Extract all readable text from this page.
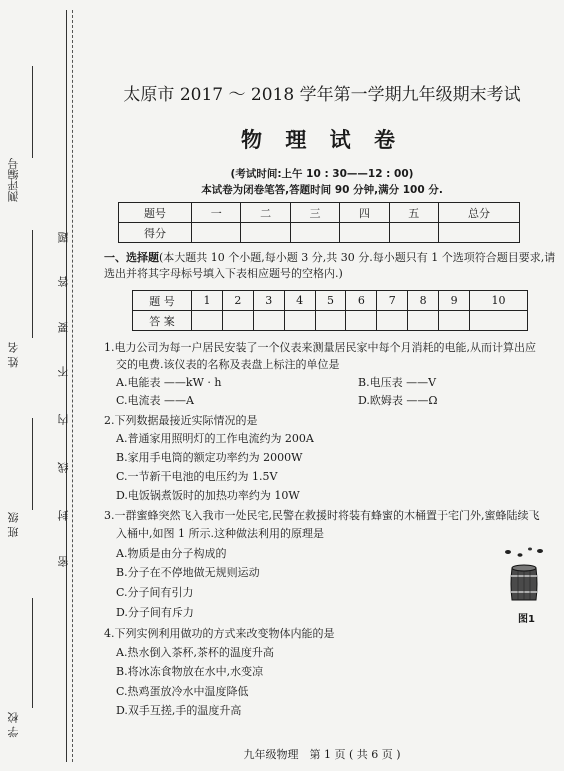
测评编号
姓 名
班 级
学 校
题
答
要
不
内
线
封
密
太原市 2017 ～ 2018 学年第一学期九年级期末考试
物 理 试 卷
(考试时间:上午 10 : 30——12 : 00)
本试卷为闭卷笔答,答题时间 90 分钟,满分 100 分.
题号	一	二	三	四	五	总分
得分						
一、选择题(本大题共 10 个小题,每小题 3 分,共 30 分.每小题只有 1 个选项符合题目要求,请
选出并将其字母标号填入下表相应题号的空格内.)
题 号	1	2	3	4	5	6	7	8	9	10
答 案										
1.电力公司为每一户居民安装了一个仪表来测量居民家中每个月消耗的电能,从而计算出应
交的电费.该仪表的名称及表盘上标注的单位是
A.电能表 ——kW · h	B.电压表 ——V
C.电流表 ——A	D.欧姆表 ——Ω
2.下列数据最接近实际情况的是
A.普通家用照明灯的工作电流约为 200A
B.家用手电筒的额定功率约为 2000W
C.一节新干电池的电压约为 1.5V
D.电饭锅煮饭时的加热功率约为 10W
3.一群蜜蜂突然飞入我市一处民宅,民警在救援时将装有蜂蜜的木桶置于宅门外,蜜蜂陆续飞
入桶中,如图 1 所示.这种做法利用的原理是
A.物质是由分子构成的
B.分子在不停地做无规则运动
C.分子间有引力
D.分子间有斥力
图1
4.下列实例利用做功的方式来改变物体内能的是
A.热水倒入茶杯,茶杯的温度升高
B.将冰冻食物放在水中,水变凉
C.热鸡蛋放冷水中温度降低
D.双手互搓,手的温度升高
九年级物理　第 1 页 ( 共 6 页 )
